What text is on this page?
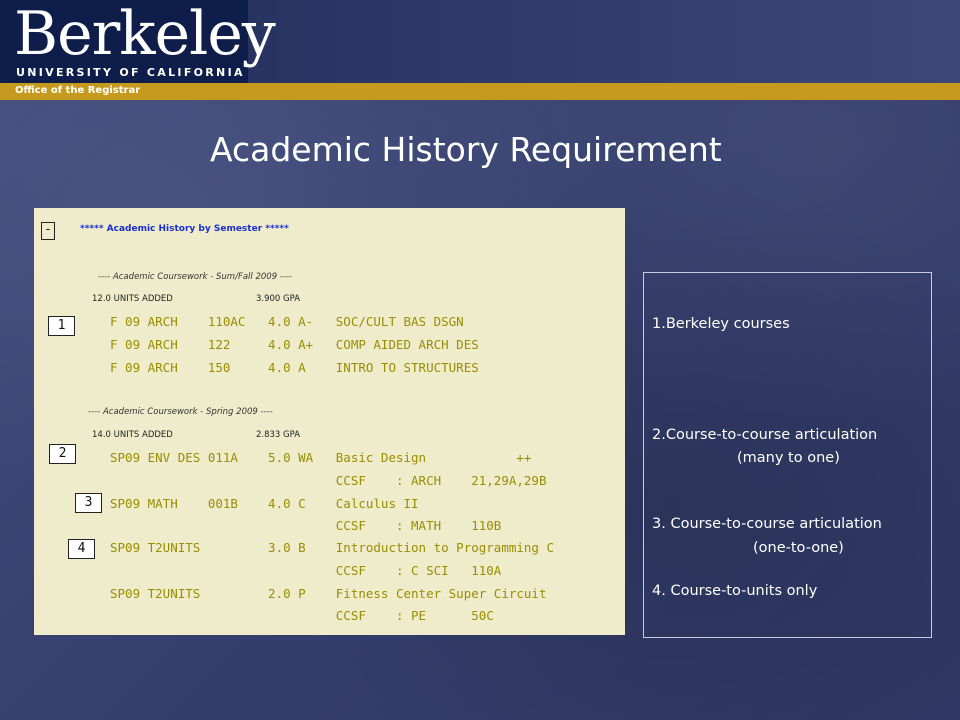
Berkeley
UNIVERSITY OF CALIFORNIA
Office of the Registrar
Academic History Requirement
-	***** Academic History by Semester *****
---- Academic Coursework - Sum/Fall 2009 ----
12.0 UNITS ADDED	3.900 GPA
F 09 ARCH    110AC   4.0 A-   SOC/CULT BAS DSGN
F 09 ARCH    122     4.0 A+   COMP AIDED ARCH DES
F 09 ARCH    150     4.0 A    INTRO TO STRUCTURES
---- Academic Coursework - Spring 2009 ----
14.0 UNITS ADDED	2.833 GPA
SP09 ENV DES 011A    5.0 WA   Basic Design            ++
CCSF    : ARCH    21,29A,29B
SP09 MATH    001B    4.0 C    Calculus II
CCSF    : MATH    110B
SP09 T2UNITS         3.0 B    Introduction to Programming C
CCSF    : C SCI   110A
SP09 T2UNITS         2.0 P    Fitness Center Super Circuit
CCSF    : PE      50C
1
2
3
4
1.Berkeley courses
2.Course-to-course articulation
(many to one)
3. Course-to-course articulation
(one-to-one)
4. Course-to-units only
